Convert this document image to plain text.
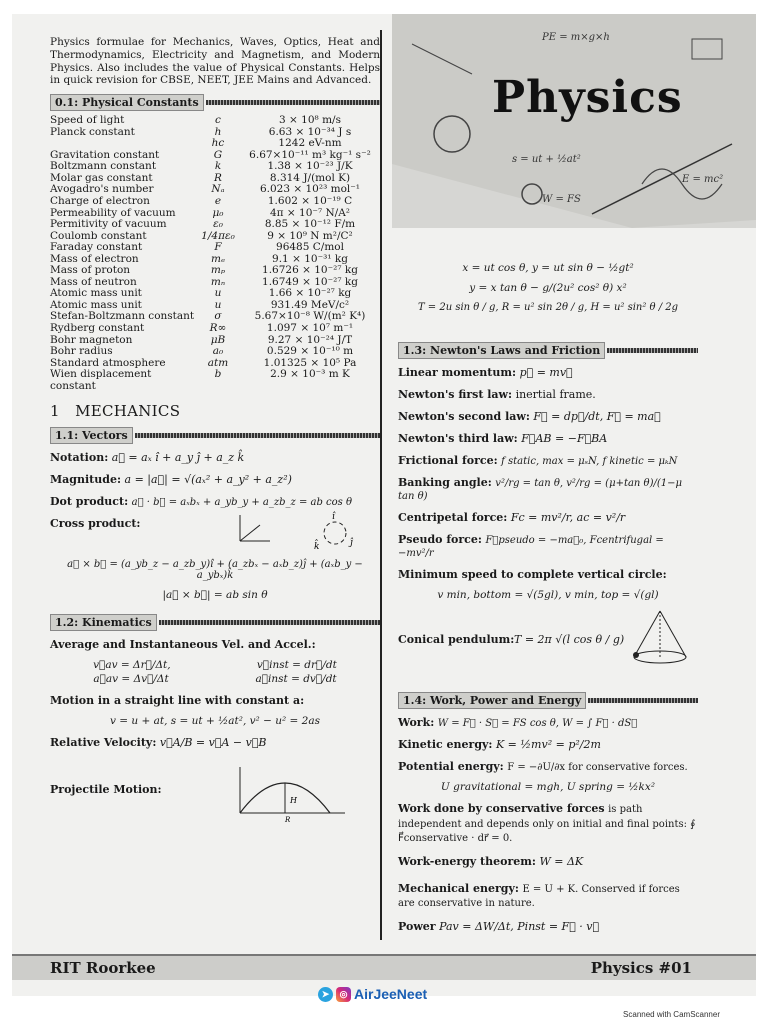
PE = m×g×h
s = ut + ½at²
W = FS
E = mc²
Physics

Physics formulae for Mechanics, Waves, Optics, Heat and Thermodynamics, Electricity and Magnetism, and Modern Physics. Also includes the value of Physical Constants. Helps in quick revision for CBSE, NEET, JEE Mains and Advanced.

0.1: Physical Constants
Speed of light	c	3 × 10⁸ m/s
Planck constant	h	6.63 × 10⁻³⁴ J s
	hc	1242 eV-nm
Gravitation constant	G	6.67×10⁻¹¹ m³ kg⁻¹ s⁻²
Boltzmann constant	k	1.38 × 10⁻²³ J/K
Molar gas constant	R	8.314 J/(mol K)
Avogadro's number	Nₐ	6.023 × 10²³ mol⁻¹
Charge of electron	e	1.602 × 10⁻¹⁹ C
Permeability of vacuum	μ₀	4π × 10⁻⁷ N/A²
Permitivity of vacuum	ε₀	8.85 × 10⁻¹² F/m
Coulomb constant	1/4πε₀	9 × 10⁹ N m²/C²
Faraday constant	F	96485 C/mol
Mass of electron	mₑ	9.1 × 10⁻³¹ kg
Mass of proton	mₚ	1.6726 × 10⁻²⁷ kg
Mass of neutron	mₙ	1.6749 × 10⁻²⁷ kg
Atomic mass unit	u	1.66 × 10⁻²⁷ kg
Atomic mass unit	u	931.49 MeV/c²
Stefan-Boltzmann constant	σ	5.67×10⁻⁸ W/(m² K⁴)
Rydberg constant	R∞	1.097 × 10⁷ m⁻¹
Bohr magneton	μB	9.27 × 10⁻²⁴ J/T
Bohr radius	a₀	0.529 × 10⁻¹⁰ m
Standard atmosphere	atm	1.01325 × 10⁵ Pa
Wien displacement constant	b	2.9 × 10⁻³ m K
1 MECHANICS
1.1: Vectors
Notation: a⃗ = aₓ î + a_y ĵ + a_z k̂
Magnitude: a = |a⃗| = √(aₓ² + a_y² + a_z²)
Dot product: a⃗ · b⃗ = aₓbₓ + a_yb_y + a_zb_z = ab cos θ
Cross product:
k̂	ĵ
î
a⃗ × b⃗ = (a_yb_z − a_zb_y)î + (a_zbₓ − aₓb_z)ĵ + (aₓb_y − a_ybₓ)k̂
|a⃗ × b⃗| = ab sin θ
1.2: Kinematics
Average and Instantaneous Vel. and Accel.:
v⃗av = Δr⃗/Δt,	v⃗inst = dr⃗/dt
a⃗av = Δv⃗/Δt	a⃗inst = dv⃗/dt
Motion in a straight line with constant a:
v = u + at, s = ut + ½at², v² − u² = 2as
Relative Velocity: v⃗A/B = v⃗A − v⃗B
Projectile Motion:
H
R
x = ut cos θ, y = ut sin θ − ½gt²
y = x tan θ − g/(2u² cos² θ) x²
T = 2u sin θ / g, R = u² sin 2θ / g, H = u² sin² θ / 2g
1.3: Newton's Laws and Friction
Linear momentum: p⃗ = mv⃗
Newton's first law: inertial frame.
Newton's second law: F⃗ = dp⃗/dt, F⃗ = ma⃗
Newton's third law: F⃗AB = −F⃗BA
Frictional force: f static, max = μₛN, f kinetic = μₖN
Banking angle: v²/rg = tan θ, v²/rg = (μ+tan θ)/(1−μ tan θ)
Centripetal force: Fc = mv²/r, ac = v²/r
Pseudo force: F⃗pseudo = −ma⃗₀, Fcentrifugal = −mv²/r
Minimum speed to complete vertical circle:
v min, bottom = √(5gl), v min, top = √(gl)
Conical pendulum: T = 2π √(l cos θ / g)
1.4: Work, Power and Energy
Work: W = F⃗ · S⃗ = FS cos θ, W = ∫ F⃗ · dS⃗
Kinetic energy: K = ½mv² = p²/2m
Potential energy: F = −∂U/∂x for conservative forces.
U gravitational = mgh, U spring = ½kx²
Work done by conservative forces is path independent and depends only on initial and final points: ∮ F⃗conservative · dr⃗ = 0.
Work-energy theorem: W = ΔK
Mechanical energy: E = U + K. Conserved if forces are conservative in nature.
Power Pav = ΔW/Δt, Pinst = F⃗ · v⃗
RIT Roorkee	Physics #01
➤	◎ AirJeeNeet
Scanned with CamScanner
